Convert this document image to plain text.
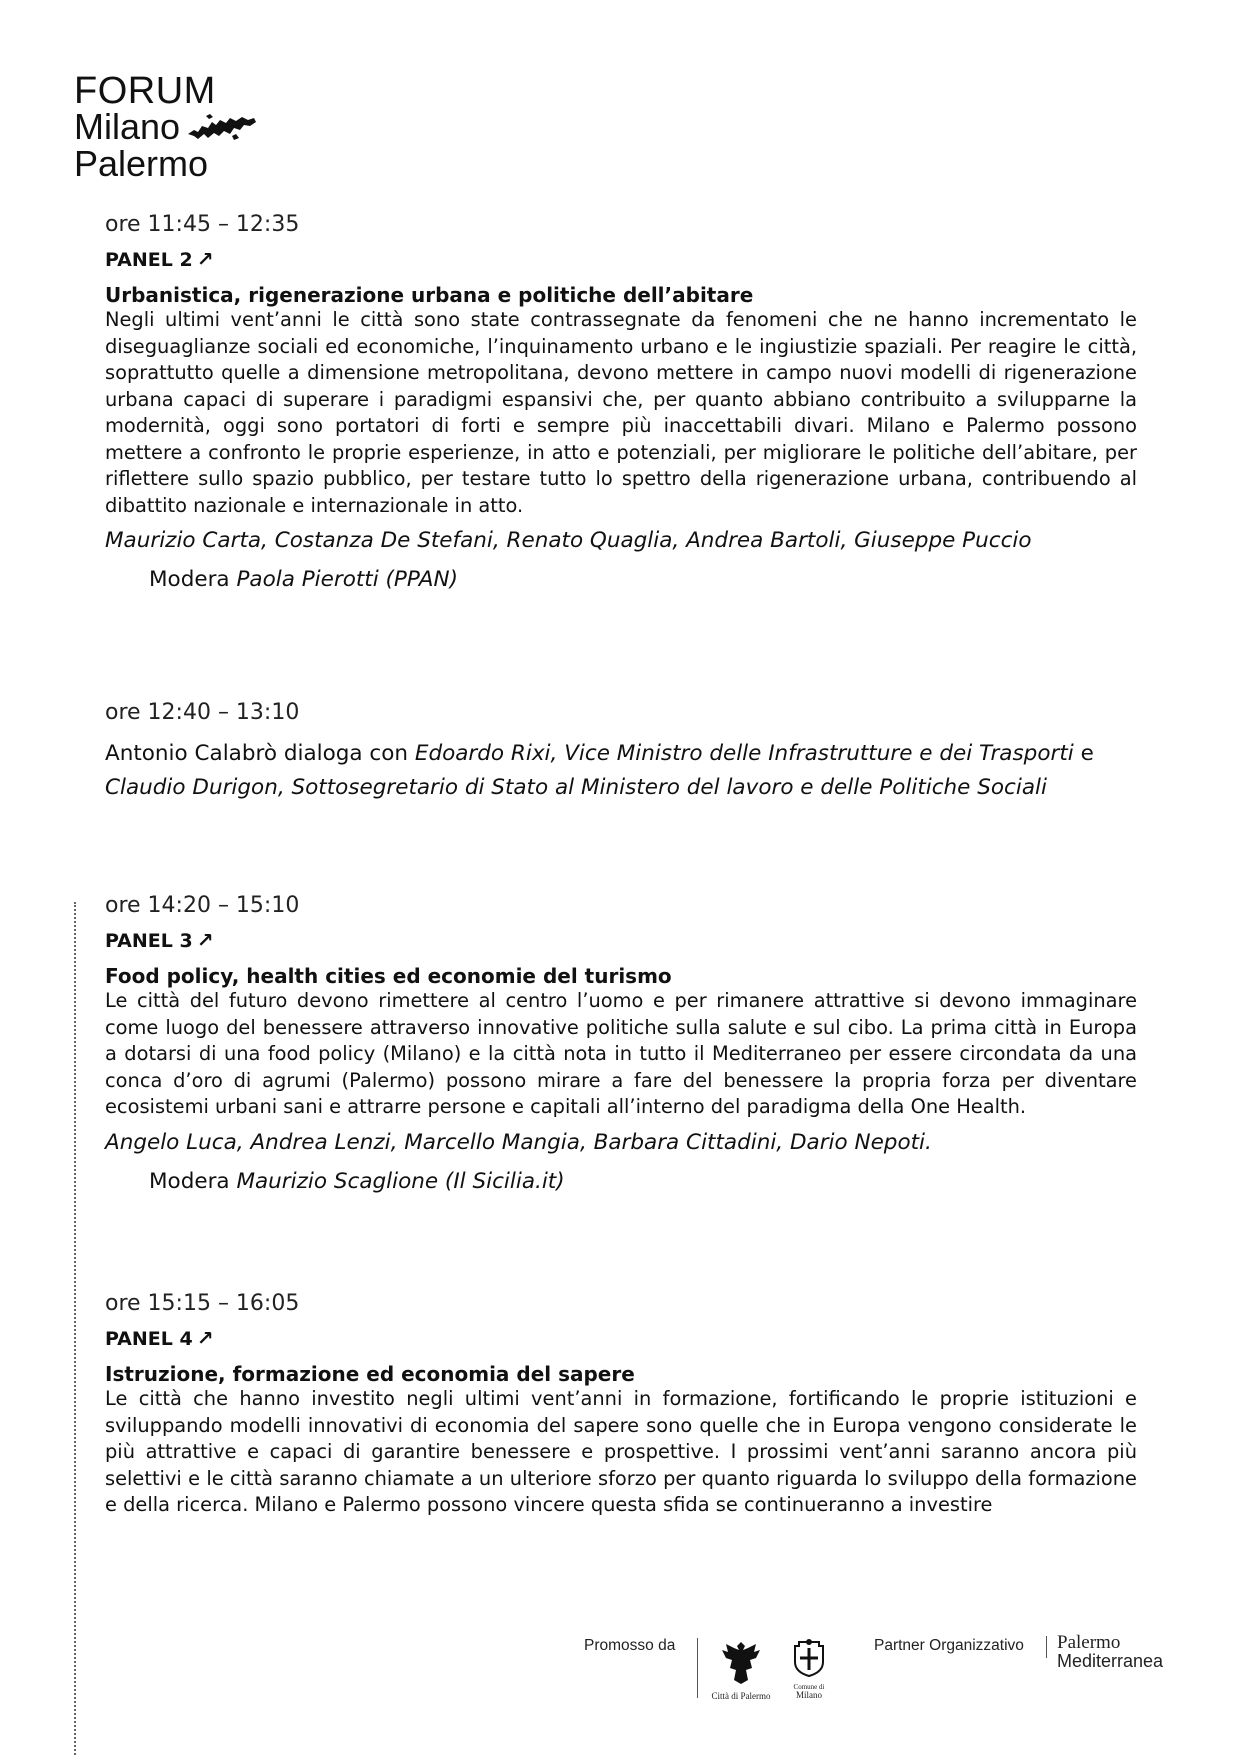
FORUM
Milano
Palermo
ore 11:45 – 12:35
PANEL 2 ↗
Urbanistica, rigenerazione urbana e politiche dell’abitare
Negli ultimi vent’anni le città sono state contrassegnate da fenomeni che ne hanno incrementato le diseguaglianze sociali ed economiche, l’inquinamento urbano e le ingiustizie spaziali. Per reagire le città, soprattutto quelle a dimensione metropolitana, devono mettere in campo nuovi modelli di rigenerazione urbana capaci di superare i paradigmi espansivi che, per quanto abbiano contribuito a svilupparne la modernità, oggi sono portatori di forti e sempre più inaccettabili divari. Milano e Palermo possono mettere a confronto le proprie esperienze, in atto e potenziali, per migliorare le politiche dell’abitare, per riflettere sullo spazio pubblico, per testare tutto lo spettro della rigenerazione urbana, contribuendo al dibattito nazionale e internazionale in atto.
Maurizio Carta, Costanza De Stefani, Renato Quaglia, Andrea Bartoli, Giuseppe Puccio
Modera Paola Pierotti (PPAN)
ore 12:40 – 13:10
Antonio Calabrò dialoga con Edoardo Rixi, Vice Ministro delle Infrastrutture e dei Trasporti e Claudio Durigon, Sottosegretario di Stato al Ministero del lavoro e delle Politiche Sociali
ore 14:20 – 15:10
PANEL 3 ↗
Food policy, health cities ed economie del turismo
Le città del futuro devono rimettere al centro l’uomo e per rimanere attrattive si devono immaginare come luogo del benessere attraverso innovative politiche sulla salute e sul cibo. La prima città in Europa a dotarsi di una food policy (Milano) e la città nota in tutto il Mediterraneo per essere circondata da una conca d’oro di agrumi (Palermo) possono mirare a fare del benessere la propria forza per diventare ecosistemi urbani sani e attrarre persone e capitali all’interno del paradigma della One Health.
Angelo Luca, Andrea Lenzi, Marcello Mangia, Barbara Cittadini, Dario Nepoti.
Modera Maurizio Scaglione (Il Sicilia.it)
ore 15:15 – 16:05
PANEL 4 ↗
Istruzione, formazione ed economia del sapere
Le città che hanno investito negli ultimi vent’anni in formazione, fortificando le proprie istituzioni e sviluppando modelli innovativi di economia del sapere sono quelle che in Europa vengono considerate le più attrattive e capaci di garantire benessere e prospettive. I prossimi vent’anni saranno ancora più selettivi e le città saranno chiamate a un ulteriore sforzo per quanto riguarda lo sviluppo della formazione e della ricerca. Milano e Palermo possono vincere questa sfida se continueranno a investire
Promosso da
Città di Palermo
Comune di
Milano
Partner Organizzativo Palermo
Mediterranea
